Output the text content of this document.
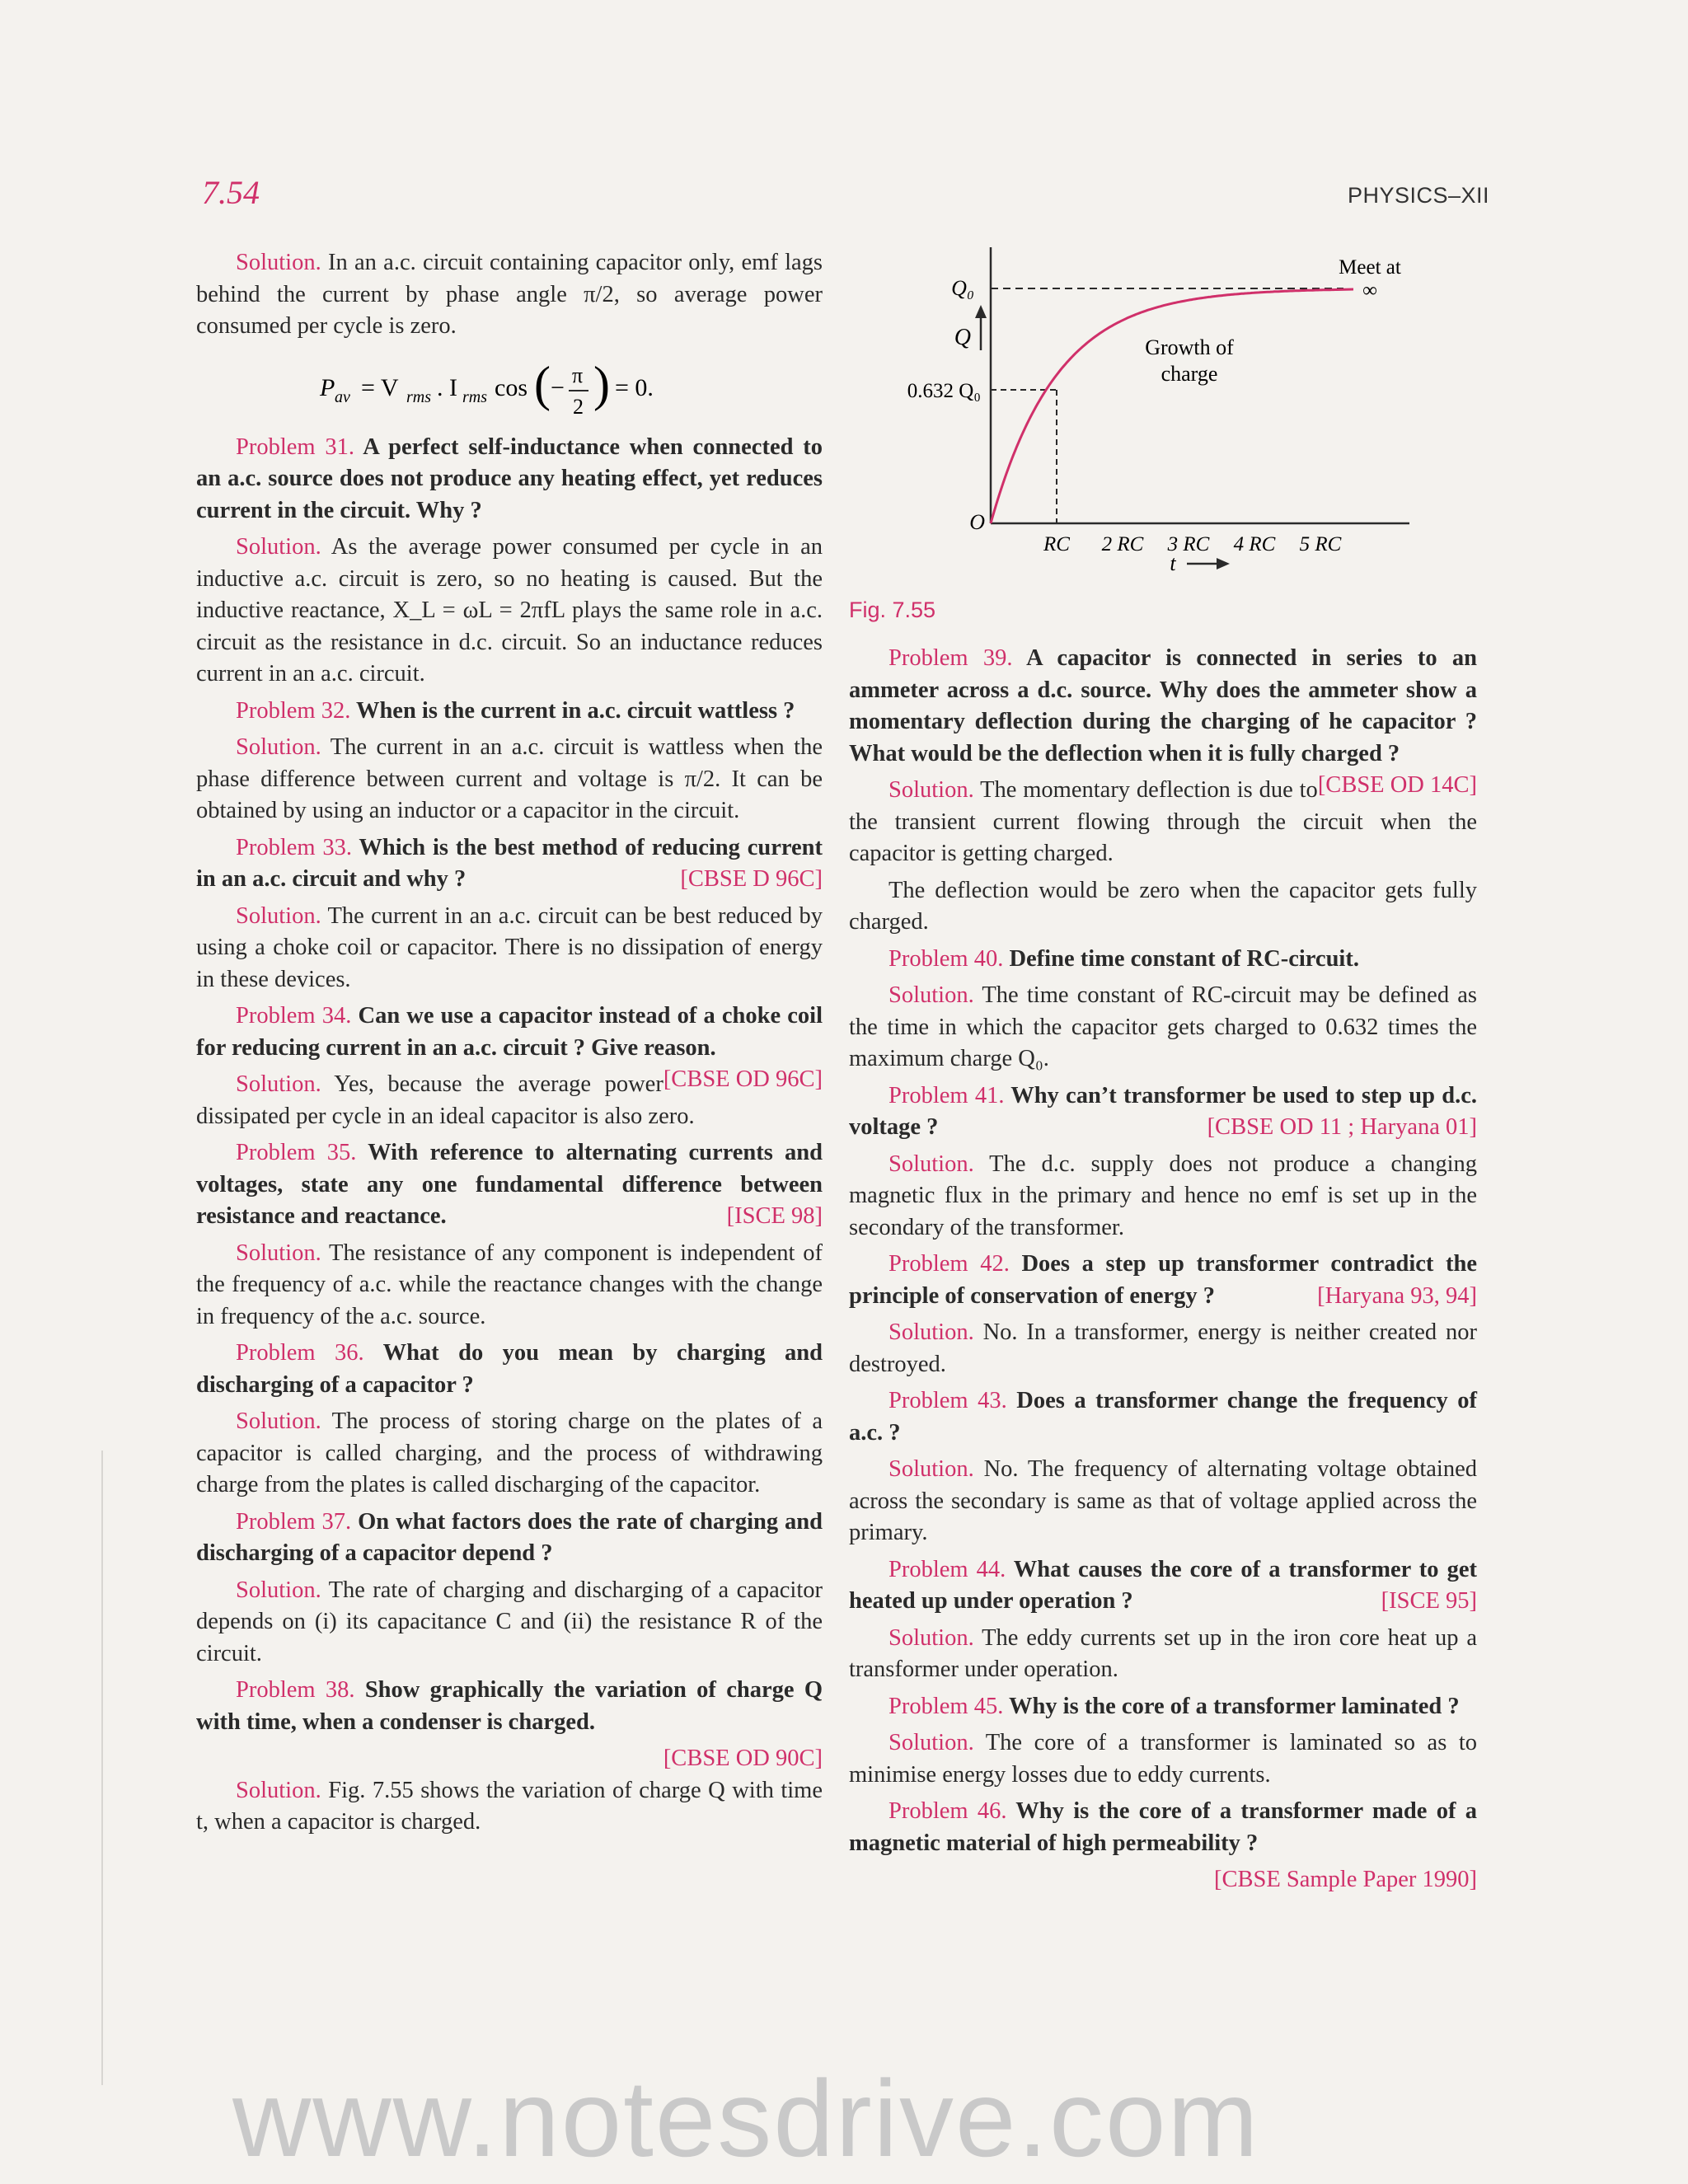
7.54	PHYSICS–XII

Solution. In an a.c. circuit containing capacitor only, emf lags behind the current by phase angle π/2, so average power consumed per cycle is zero.

P av = V rms . I rms cos ( − π
2 ) = 0.

Problem 31. A perfect self-inductance when connected to an a.c. source does not produce any heating effect, yet reduces current in the circuit. Why ?

Solution. As the average power consumed per cycle in an inductive a.c. circuit is zero, so no heating is caused. But the inductive reactance, X_L = ωL = 2πfL plays the same role in a.c. circuit as the resistance in d.c. circuit. So an inductance reduces current in an a.c. circuit.

Problem 32. When is the current in a.c. circuit wattless ?

Solution. The current in an a.c. circuit is wattless when the phase difference between current and voltage is π/2. It can be obtained by using an inductor or a capacitor in the circuit.

Problem 33. Which is the best method of reducing current in an a.c. circuit and why ?	[CBSE D 96C]

Solution. The current in an a.c. circuit can be best reduced by using a choke coil or capacitor. There is no dissipation of energy in these devices.

Problem 34. Can we use a capacitor instead of a choke coil for reducing current in an a.c. circuit ? Give reason.
[CBSE OD 96C]

Solution. Yes, because the average power dissipated per cycle in an ideal capacitor is also zero.

Problem 35. With reference to alternating currents and voltages, state any one fundamental difference between resistance and reactance.	[ISCE 98]

Solution. The resistance of any component is independent of the frequency of a.c. while the reactance changes with the change in frequency of the a.c. source.

Problem 36. What do you mean by charging and discharging of a capacitor ?

Solution. The process of storing charge on the plates of a capacitor is called charging, and the process of withdrawing charge from the plates is called discharging of the capacitor.

Problem 37. On what factors does the rate of charging and discharging of a capacitor depend ?

Solution. The rate of charging and discharging of a capacitor depends on (i) its capacitance C and (ii) the resistance R of the circuit.

Problem 38. Show graphically the variation of charge Q with time, when a condenser is charged.

[CBSE OD 90C]

Solution. Fig. 7.55 shows the variation of charge Q with time t, when a capacitor is charged.

Q₀
Q
0.632 Q₀
O
Growth of
charge
Meet at
∞
RC 2 RC 3 RC 4 RC 5 RC
t
Fig. 7.55

Problem 39. A capacitor is connected in series to an ammeter across a d.c. source. Why does the ammeter show a momentary deflection during the charging of he capacitor ? What would be the deflection when it is fully charged ?
[CBSE OD 14C]

Solution. The momentary deflection is due to the transient current flowing through the circuit when the capacitor is getting charged.

The deflection would be zero when the capacitor gets fully charged.

Problem 40. Define time constant of RC-circuit.

Solution. The time constant of RC-circuit may be defined as the time in which the capacitor gets charged to 0.632 times the maximum charge Q₀.

Problem 41. Why can’t transformer be used to step up d.c. voltage ?	[CBSE OD 11 ; Haryana 01]

Solution. The d.c. supply does not produce a changing magnetic flux in the primary and hence no emf is set up in the secondary of the transformer.

Problem 42. Does a step up transformer contradict the principle of conservation of energy ?	[Haryana 93, 94]

Solution. No. In a transformer, energy is neither created nor destroyed.

Problem 43. Does a transformer change the frequency of a.c. ?

Solution. No. The frequency of alternating voltage obtained across the secondary is same as that of voltage applied across the primary.

Problem 44. What causes the core of a transformer to get heated up under operation ?	[ISCE 95]

Solution. The eddy currents set up in the iron core heat up a transformer under operation.

Problem 45. Why is the core of a transformer laminated ?

Solution. The core of a transformer is laminated so as to minimise energy losses due to eddy currents.

Problem 46. Why is the core of a transformer made of a magnetic material of high permeability ?

[CBSE Sample Paper 1990]

www.notesdrive.com
